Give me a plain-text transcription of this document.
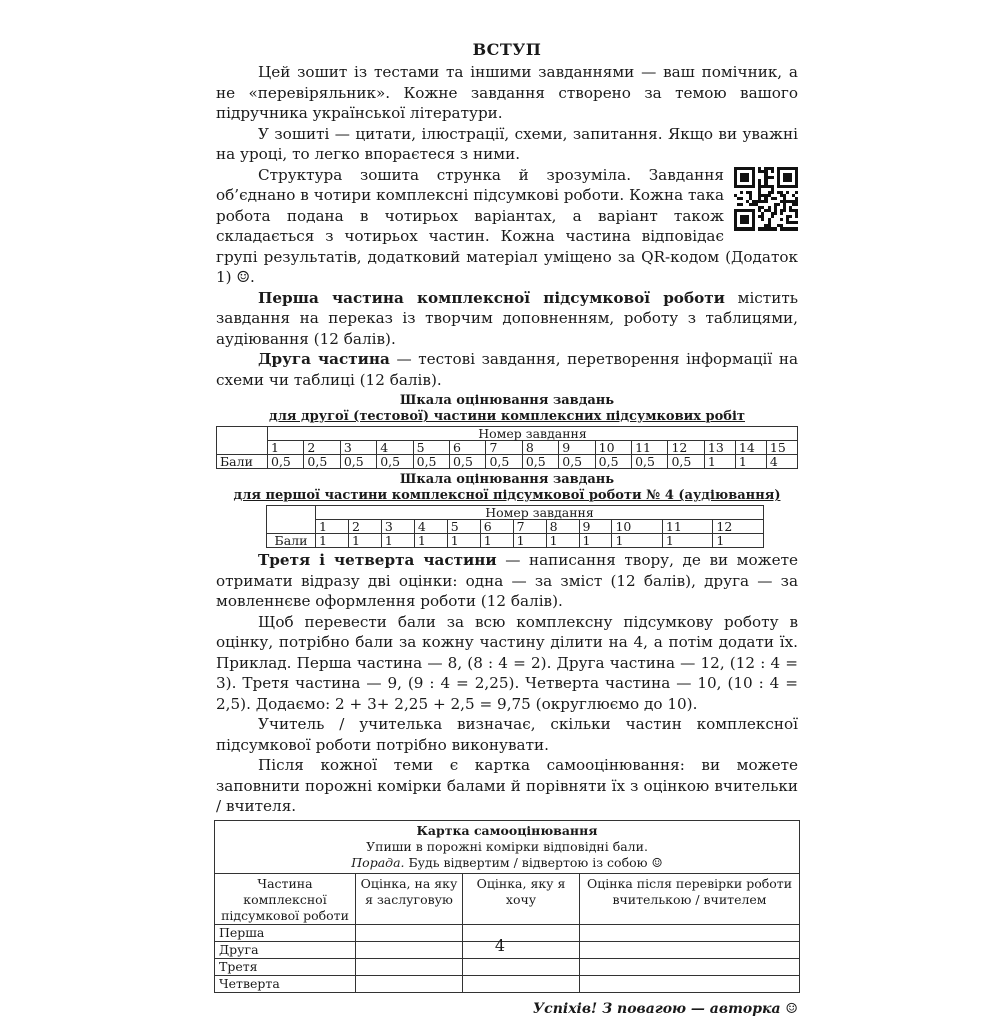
ВСТУП

Цей зошит із тестами та іншими завданнями — ваш помічник, а не «перевіряльник». Кожне завдання створено за темою вашого підручника української літератури.

У зошиті — цитати, ілюстрації, схеми, запитання. Якщо ви уважні на уроці, то легко впораєтеся з ними.

Структура зошита струнка й зрозуміла. Завдання об’єднано в чотири комплексні підсумкові роботи. Кожна така робота подана в чотирьох варіантах, а варіант також складається з чотирьох частин. Кожна частина відповідає групі результатів, додатковий матеріал уміщено за QR-кодом (Додаток 1) ☺.

Перша частина комплексної підсумкової роботи містить завдання на переказ із творчим доповненням, роботу з таблицями, аудіювання (12 балів).

Друга частина — тестові завдання, перетворення інформації на схеми чи таблиці (12 балів).

Шкала оцінювання завдань
для другої (тестової) частини комплексних підсумкових робіт
	Номер завдання														
	1	2	3	4	5	6	7	8	9	10	11	12	13	14	15
Бали	0,5	0,5	0,5	0,5	0,5	0,5	0,5	0,5	0,5	0,5	0,5	0,5	1	1	4
Шкала оцінювання завдань
для першої частини комплексної підсумкової роботи № 4 (аудіювання)
	Номер завдання											
	1	2	3	4	5	6	7	8	9	10	11	12
Бали	1	1	1	1	1	1	1	1	1	1	1	1

Третя і четверта частини — написання твору, де ви можете отримати відразу дві оцінки: одна — за зміст (12 балів), друга — за мовленнєве оформлення роботи (12 балів).

Щоб перевести бали за всю комплексну підсумкову роботу в оцінку, потрібно бали за кожну частину ділити на 4, а потім додати їх. Приклад. Перша частина — 8, (8 : 4 = 2). Друга частина — 12, (12 : 4 = 3). Третя частина — 9, (9 : 4 = 2,25). Четверта частина — 10, (10 : 4 = 2,5). Додаємо: 2 + 3+ 2,25 + 2,5 = 9,75 (округлюємо до 10).

Учитель / учителька визначає, скільки частин комплексної підсумкової роботи потрібно виконувати.

Після кожної теми є картка самооцінювання: ви можете заповнити порожні комірки балами й порівняти їх з оцінкою вчительки / вчителя.

Картка самооцінювання
Упиши в порожні комірки відповідні бали.
Порада. Будь відвертим / відвертою із собою ☺			

Частина комплексної підсумкової роботи	Оцінка, на яку я заслуговую	Оцінка, яку я хочу	Оцінка після перевірки роботи вчителькою / вчителем
Перша			
Друга			
Третя			
Четверта			
Успіхів! З повагою — авторка ☺
4
